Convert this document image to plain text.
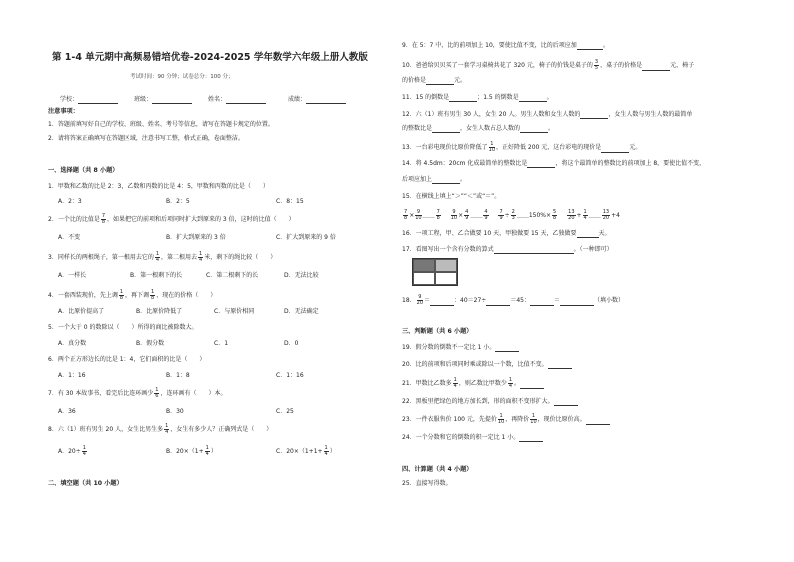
第 1-4 单元期中高频易错培优卷-2024-2025 学年数学六年级上册人教版
考试时间：90 分钟；试卷总分：100 分；
学校：	班级：	姓名：	成绩：
注意事项：
1．答题前填写好自己的学校、班级、姓名、考号等信息，请写在答题卡规定的位置。
2．请将答案正确填写在答题区域，注意书写工整，格式正确，卷面整洁。
一、选择题（共 8 小题）
1．甲数和乙数的比是 2：3，乙数和丙数的比是 4：5，甲数和丙数的比是（　　）
A．2：3	B．2：5	C．8：15
2．一个比的比值是 $\frac{7}{8}$ ，如果把它的前项和后项同时扩大到原来的 3 倍，这时的比值（　　）
A．不变	B．扩大到原来的 3 倍	C．扩大到原来的 9 倍
3．同样长的两根绳子，第一根用去它的 $\frac{1}{4}$ ，第二根用去 $\frac{1}{4}$ 米，剩下的绳比较（　　）
A．一样长	B．第一根剩下的长	C．第二根剩下的长	D．无法比较
4．一套西装现价，先上调 $\frac{1}{8}$ ，再下调 $\frac{1}{8}$ ，现在的价格（　　）
A．比原价提高了	B．比原价降低了	C．与原价相同	D．无法确定
5．一个大于 0 的数除以（　　）所得的商比被除数大。
A．真分数	B．假分数	C．1	D．0
6．两个正方形边长的比是 1：4，它们面积的比是（　　）
A．1：16	B．1：8	C．1：16
7．有 30 本故事书，看完后比连环画少 $\frac{1}{6}$ ，连环画有（　　）本。
A．36	B．30	C．25
8．六（1）班有男生 20 人，女生比男生多 $\frac{1}{4}$ ，女生有多少人？正确列式是（　　）
A．$20\div \frac{1}{4}$	B．$20\times(1+ \frac{1}{4}$ ）	C．$20\times(1+1+ \frac{1}{4}$ ）
二、填空题（共 10 小题）
9．在 5：7 中，比的前项加上 10，要使比值不变，比的后项应加	。
10．爸爸给贝贝买了一套学习桌椅共花了 320 元，椅子的价钱是桌子的 $\frac{3}{5}$ ，桌子的价格是	元，椅子
的价格是	元。
11．15 的倒数是	；1.5 的倒数是	。
12．六（1）班有男生 30 人，女生 20 人。男生人数和女生人数的	，女生人数与男生人数的最简单
的整数比是	，女生人数占总人数的	。
13．一台彩电现价比原价降低了 $\frac{1}{10}$ ，正好降低 200 元，这台彩电的现价是	元。
14．将 4.5dm：20cm 化成最简单的整数比是	，将这个最简单的整数比的前项加上 8，要使比值不变，
后项应加上	。
15．在横线上填上“＞”“＜”或“＝”。
$\frac{7}{8} \times \frac{9}{10}$ ＿＿ $\frac{7}{8}$
　 $\frac{9}{10} \times \frac{4}{9}$ ＿＿ $\frac{4}{9}$
　 $\frac{7}{9} \div \frac{2}{3}$ ＿＿150%× $\frac{5}{8}$
　 $\frac{13}{20} + \frac{1}{4}$ ＿＿ $\frac{13}{20} +4$
16．一项工程，甲、乙合做要 10 天，甲独做要 15 天，乙独做要	天。
17．看图写出一个含有分数的算式	。（一种即可）
18． $\frac{9}{20}$ ＝	：40＝27÷	＝45：	＝	（填小数）
三、判断题（共 6 小题）
19．假分数的倒数不一定比 1 小。
20．比的前项和后项同时乘或除以一个数，比值不变。
21．甲数比乙数多 $\frac{1}{4}$ ，则乙数比甲数少 $\frac{1}{4}$ 。
22．黑板里把绿色的地方加长到，形的面积不变形扩大。
23．一件衣服售价 100 元，先提价 $\frac{1}{10}$ ，再降价 $\frac{1}{10}$ ，现价比原价高。
24．一个分数和它的倒数的积一定比 1 小。
四、计算题（共 4 小题）
25．直接写得数。
